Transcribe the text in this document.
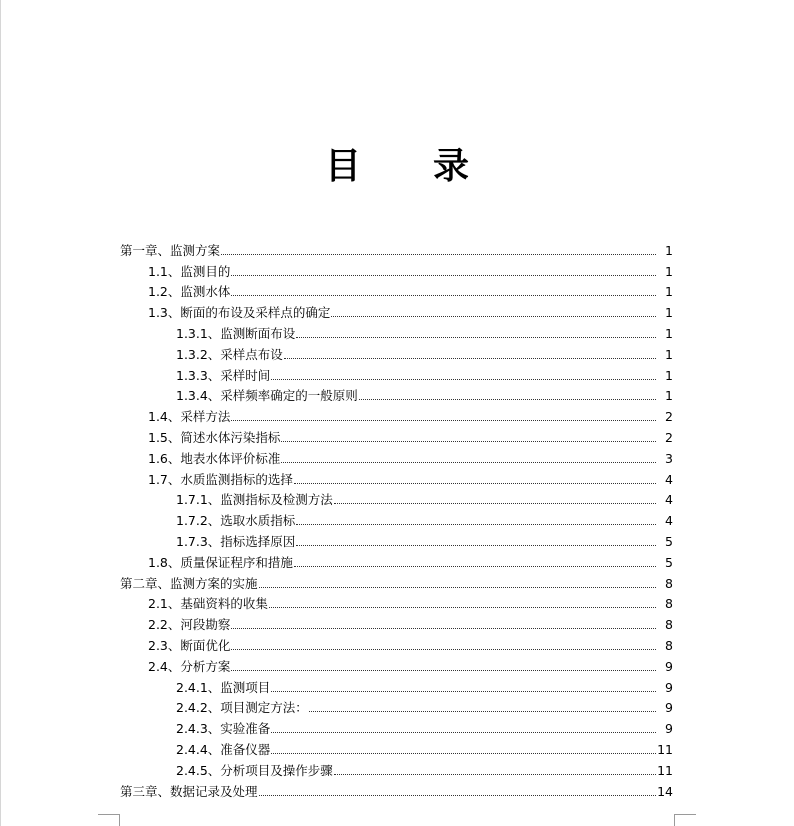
目 录
第一章、监测方案	1
1.1、监测目的	1
1.2、监测水体	1
1.3、断面的布设及采样点的确定	1
1.3.1、监测断面布设	1
1.3.2、采样点布设	1
1.3.3、采样时间	1
1.3.4、采样频率确定的一般原则	1
1.4、采样方法	2
1.5、简述水体污染指标	2
1.6、地表水体评价标准	3
1.7、水质监测指标的选择	4
1.7.1、监测指标及检测方法	4
1.7.2、选取水质指标	4
1.7.3、指标选择原因	5
1.8、质量保证程序和措施	5
第二章、监测方案的实施	8
2.1、基础资料的收集	8
2.2、河段勘察	8
2.3、断面优化	8
2.4、分析方案	9
2.4.1、监测项目	9
2.4.2、项目测定方法：	9
2.4.3、实验准备	9
2.4.4、准备仪器	11
2.4.5、分析项目及操作步骤	11
第三章、数据记录及处理	14
